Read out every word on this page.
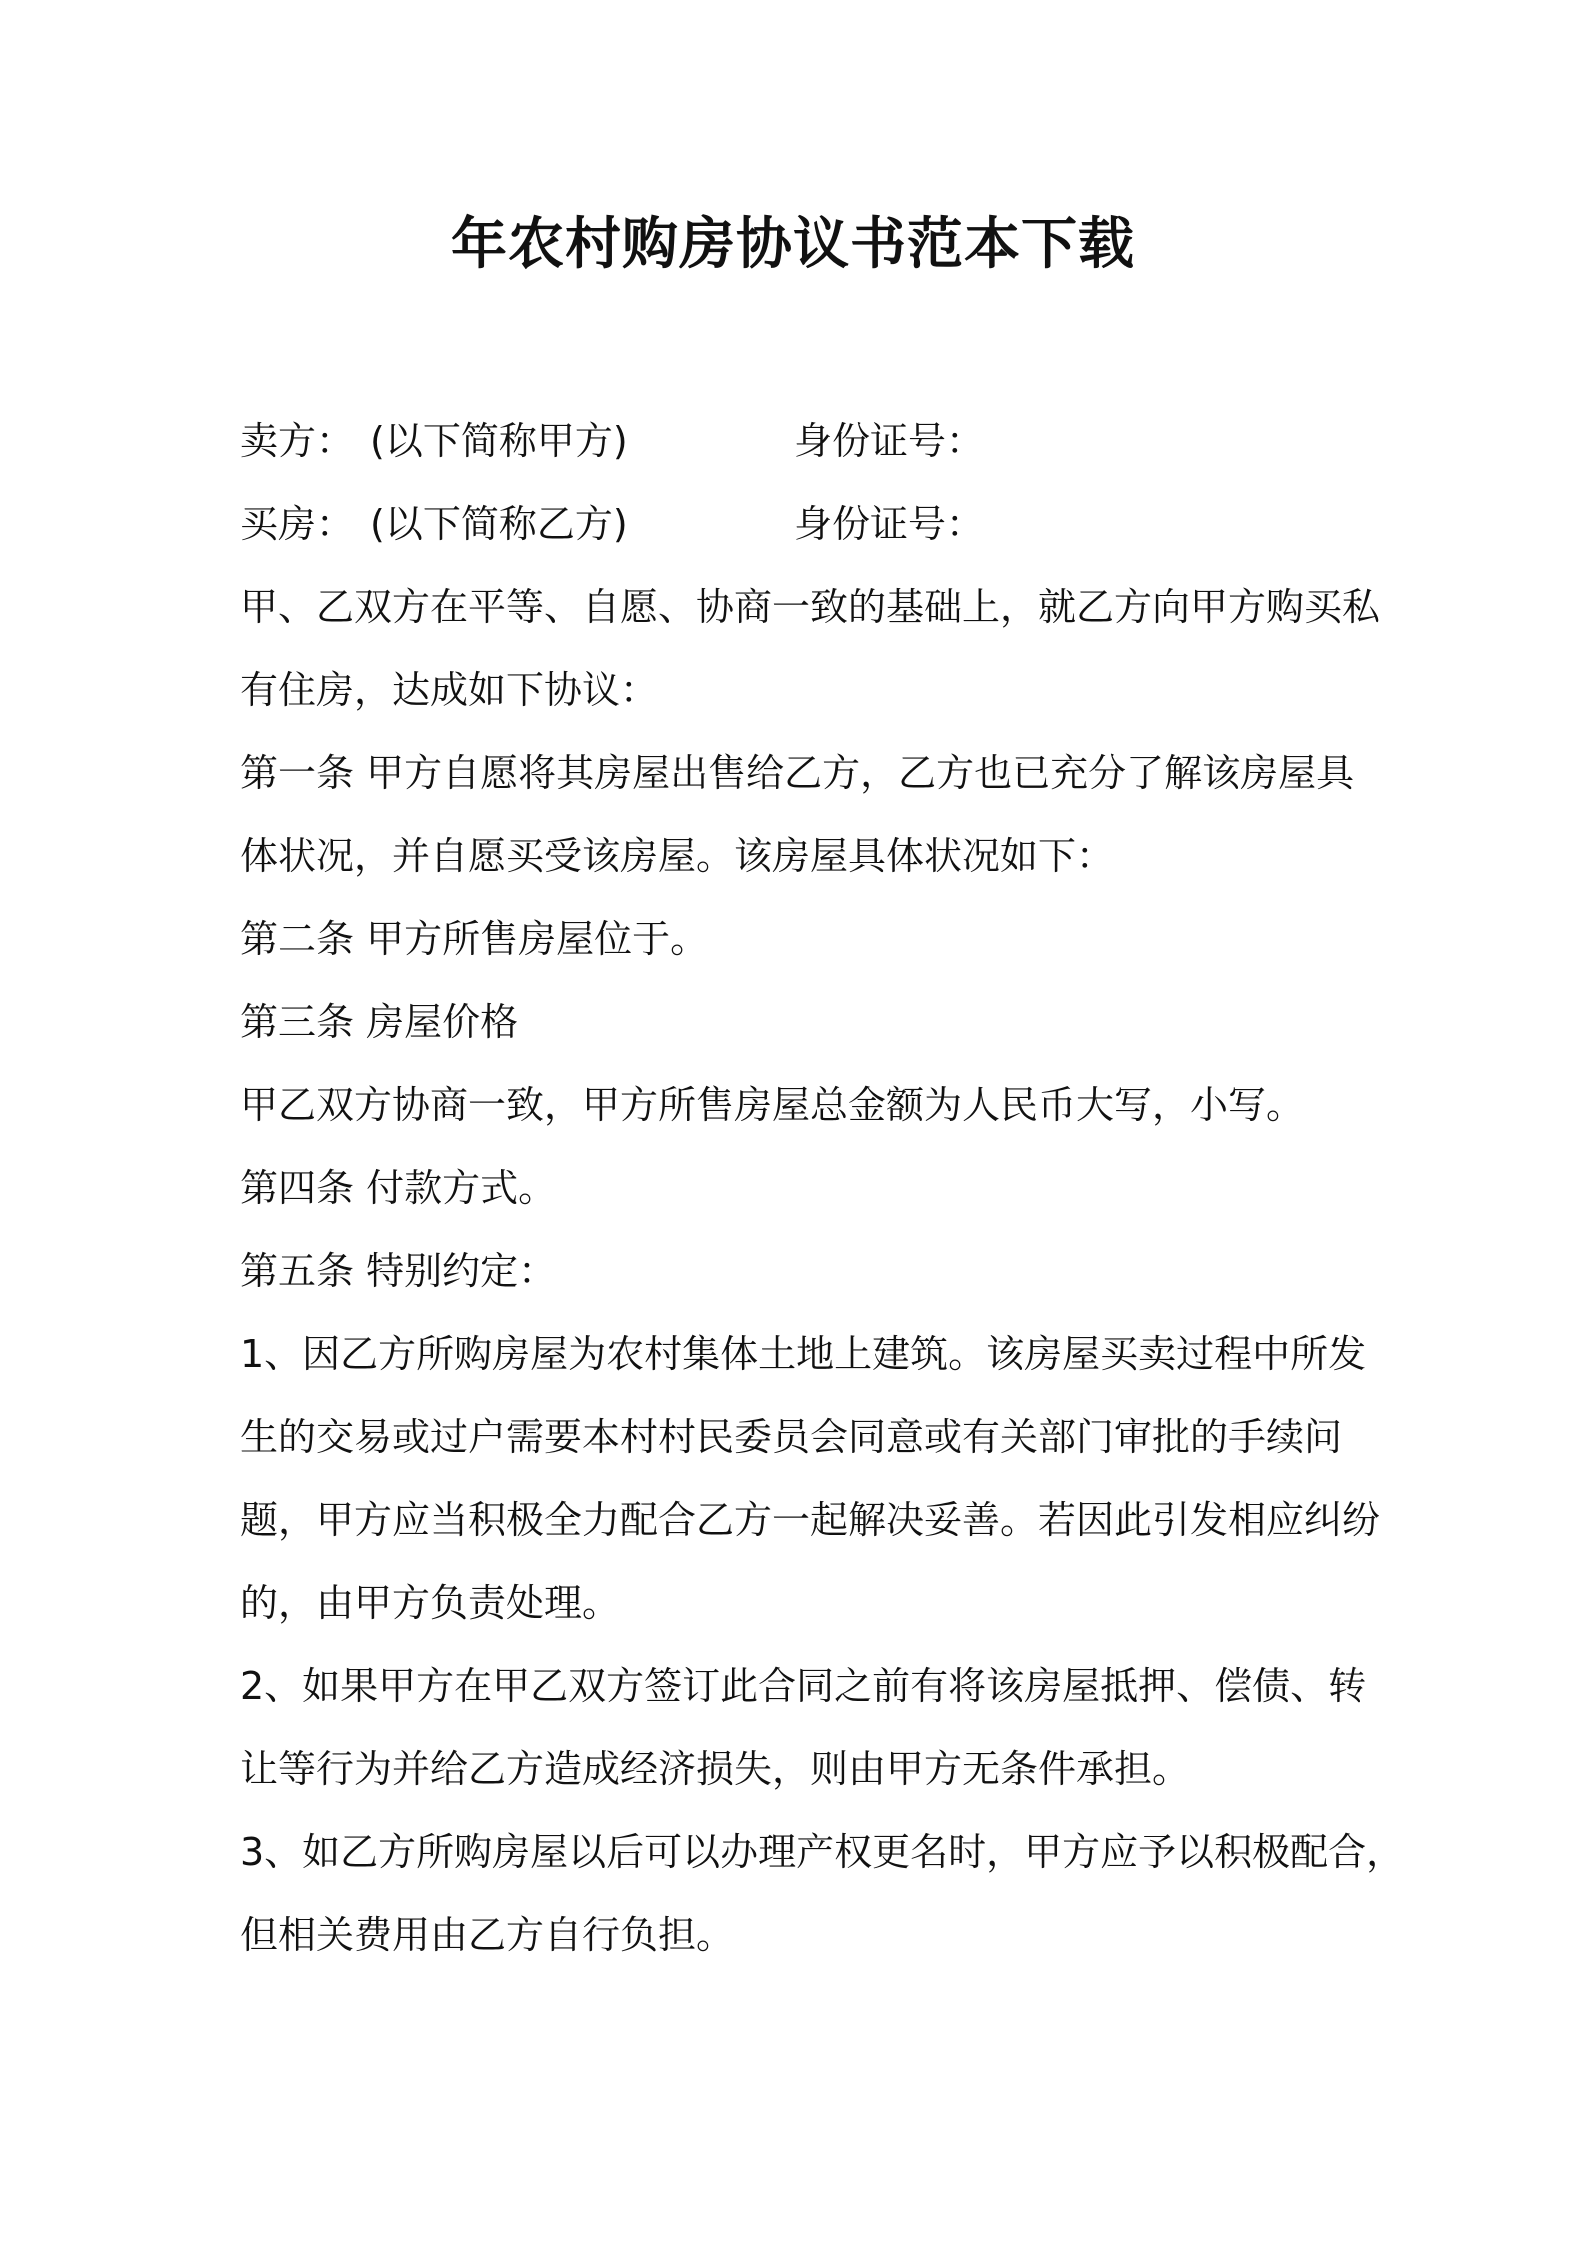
年农村购房协议书范本下载
卖方： (以下简称甲方)	身份证号：
买房： (以下简称乙方)	身份证号：
甲、乙双方在平等、自愿、协商一致的基础上，就乙方向甲方购买私
有住房，达成如下协议：
第一条 甲方自愿将其房屋出售给乙方，乙方也已充分了解该房屋具
体状况，并自愿买受该房屋。该房屋具体状况如下：
第二条 甲方所售房屋位于。
第三条 房屋价格
甲乙双方协商一致，甲方所售房屋总金额为人民币大写，小写。
第四条 付款方式。
第五条 特别约定：
1、因乙方所购房屋为农村集体土地上建筑。该房屋买卖过程中所发
生的交易或过户需要本村村民委员会同意或有关部门审批的手续问
题，甲方应当积极全力配合乙方一起解决妥善。若因此引发相应纠纷
的，由甲方负责处理。
2、如果甲方在甲乙双方签订此合同之前有将该房屋抵押、偿债、转
让等行为并给乙方造成经济损失，则由甲方无条件承担。
3、如乙方所购房屋以后可以办理产权更名时，甲方应予以积极配合，
但相关费用由乙方自行负担。
